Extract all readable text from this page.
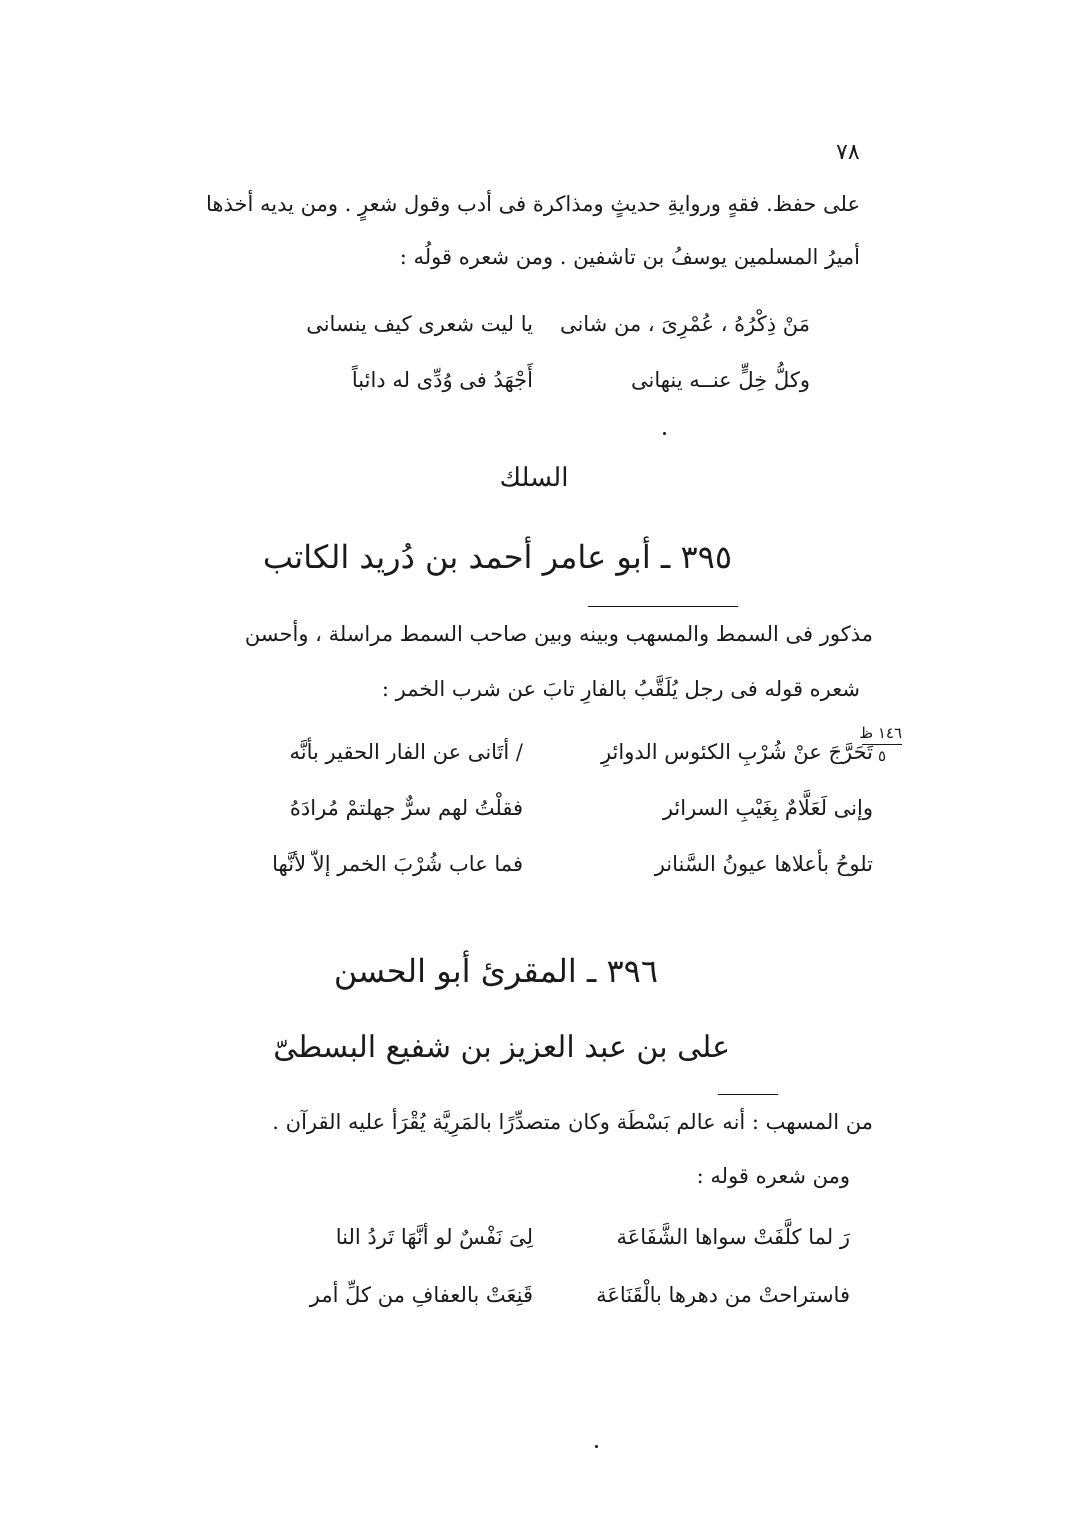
٧٨
على حفظ. فقهٍ وروايةِ حديثٍ ومذاكرة فى أدب وقول شعرٍ . ومن يديه أخذها
أميرُ المسلمين يوسفُ بن تاشفين . ومن شعره قولُه :
يا ليت شعرى كيف ينسانى مَنْ ذِكْرُهُ ، عُمْرِىَ ، من شانى
أَجْهَدُ فى وُدِّى له دائباً	وكلُّ خِلٍّ عنــه ينهانى
السلك
٣٩٥ ـ أبو عامر أحمد بن دُريد الكاتب
مذكور فى السمط والمسهب وبينه وبين صاحب السمط مراسلة ، وأحسن
شعره قوله فى رجل يُلَقَّبُ بالفارِ تابَ عن شرب الخمر :
١٤٦ ظ
٥
/ أتَانى عن الفار الحقير بأنَّه	تَحَرَّجَ عنْ شُرْبِ الكئوس الدوائرِ
فقلْتُ لهم سرٌّ جهلتمْ مُرادَهُ	وإنى لَعَلَّامٌ بِغَيْبِ السرائر
فما عاب شُرْبَ الخمر إلاّ لأنَّها	تلوحُ بأعلاها عيونُ السَّنانر
٣٩٦ ـ المقرئ أبو الحسن
على بن عبد العزيز بن شفيع البسطىّ
من المسهب : أنه عالم بَسْطَة وكان متصدِّرًا بالمَرِيَّة يُقْرَأ عليه القرآن .
ومن شعره قوله :
لِىَ نَفْسٌ لو أنَّهَا تَردُ النا	رَ لما كلَّفَتْ سواها الشَّفَاعَة
قَنِعَتْ بالعفافِ من كلِّ أمر	فاستراحتْ من دهرها بالْقَنَاعَة
